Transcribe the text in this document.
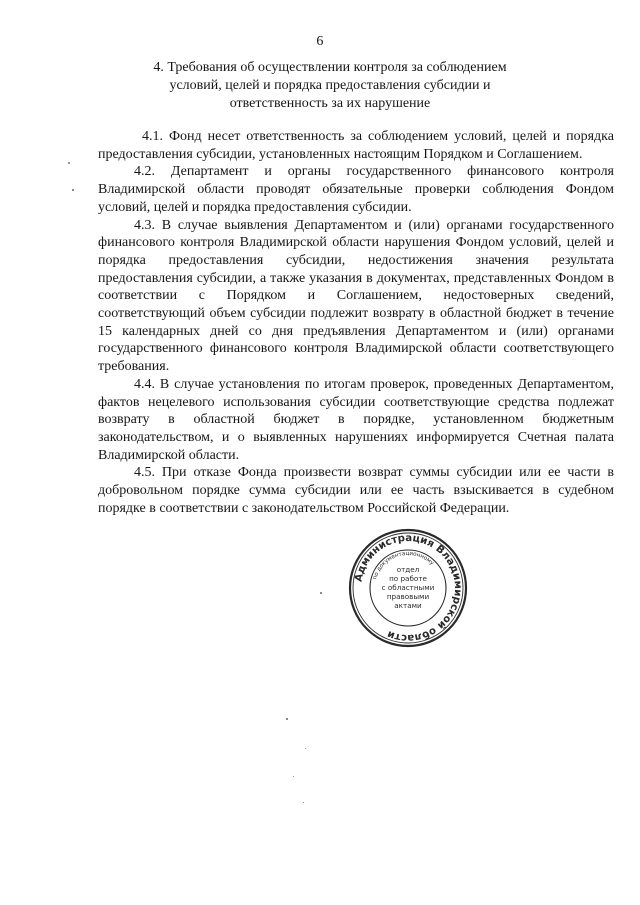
6
4. Требования об осуществлении контроля за соблюдением
условий, целей и порядка предоставления субсидии и
ответственность за их нарушение

4.1. Фонд несет ответственность за соблюдением условий, целей и порядка предоставления субсидии, установленных настоящим Порядком и Соглашением.

4.2. Департамент и органы государственного финансового контроля Владимирской области проводят обязательные проверки соблюдения Фондом условий, целей и порядка предоставления субсидии.

4.3. В случае выявления Департаментом и (или) органами государственного финансового контроля Владимирской области нарушения Фондом условий, целей и порядка предоставления субсидии, недостижения значения результата предоставления субсидии, а также указания в документах, представленных Фондом в соответствии с Порядком и Соглашением, недостоверных сведений, соответствующий объем субсидии подлежит возврату в областной бюджет в течение 15 календарных дней со дня предъявления Департаментом и (или) органами государственного финансового контроля Владимирской области соответствующего требования.

4.4. В случае установления по итогам проверок, проведенных Департаментом, фактов нецелевого использования субсидии соответствующие средства подлежат возврату в областной бюджет в порядке, установленном бюджетным законодательством, и о выявленных нарушениях информируется Счетная палата Владимирской области.

4.5. При отказе Фонда произвести возврат суммы субсидии или ее части в добровольном порядке сумма субсидии или ее часть взыскивается в судебном порядке в соответствии с законодательством Российской Федерации.

Администрация Владимирской области
по документационному
отдел
по работе
с областными
правовыми
актами
